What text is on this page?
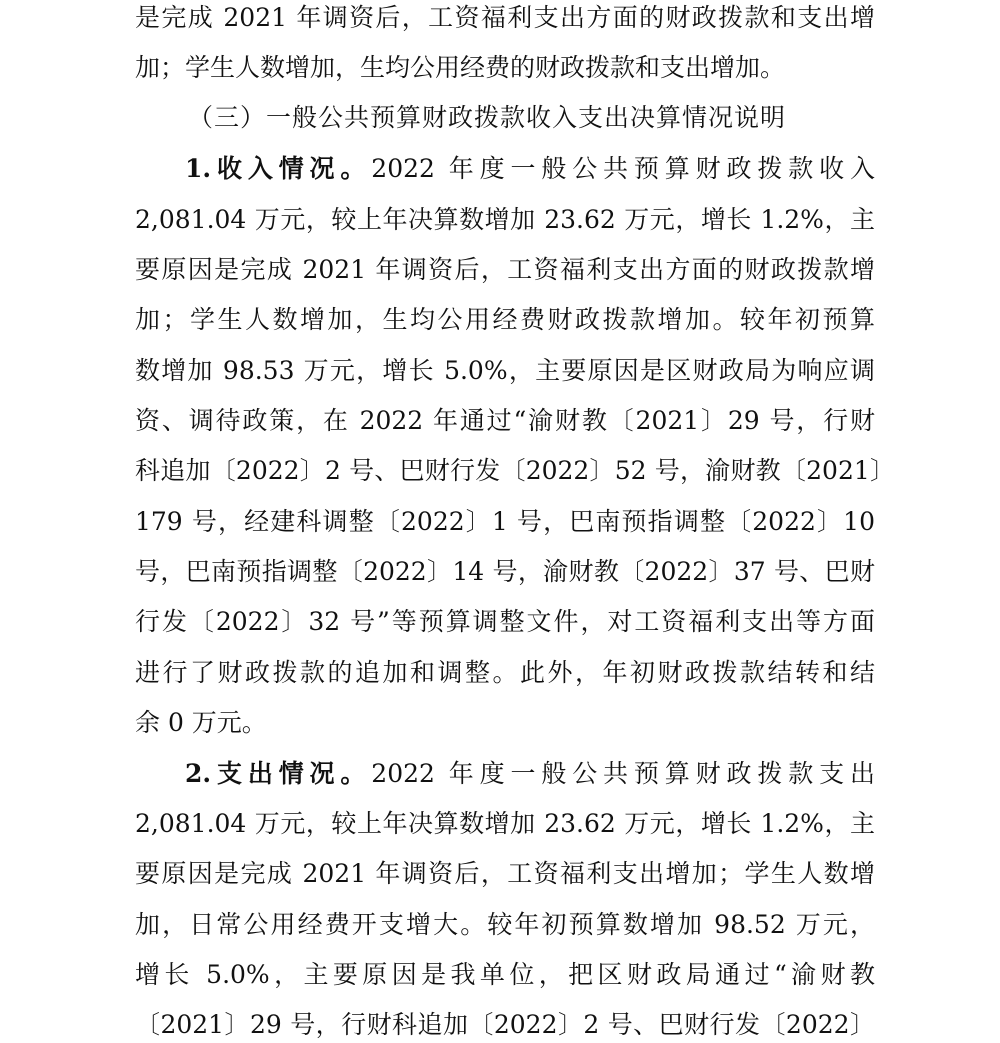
是完成 2021 年调资后，工资福利支出方面的财政拨款和支出增
加；学生人数增加，生均公用经费的财政拨款和支出增加。
（三）一般公共预算财政拨款收入支出决算情况说明
1.收入情况。2022 年度一般公共预算财政拨款收入
2,081.04 万元，较上年决算数增加 23.62 万元，增长 1.2%，主
要原因是完成 2021 年调资后，工资福利支出方面的财政拨款增
加；学生人数增加，生均公用经费财政拨款增加。较年初预算
数增加 98.53 万元，增长 5.0%，主要原因是区财政局为响应调
资、调待政策，在 2022 年通过“渝财教〔2021〕29 号，行财
科追加〔2022〕2 号、巴财行发〔2022〕52 号，渝财教〔2021〕
179 号，经建科调整〔2022〕1 号，巴南预指调整〔2022〕10
号，巴南预指调整〔2022〕14 号，渝财教〔2022〕37 号、巴财
行发〔2022〕32 号”等预算调整文件，对工资福利支出等方面
进行了财政拨款的追加和调整。此外，年初财政拨款结转和结
余 0 万元。
2.支出情况。2022 年度一般公共预算财政拨款支出
2,081.04 万元，较上年决算数增加 23.62 万元，增长 1.2%，主
要原因是完成 2021 年调资后，工资福利支出增加；学生人数增
加，日常公用经费开支增大。较年初预算数增加 98.52 万元，
增长 5.0%，主要原因是我单位，把区财政局通过“渝财教
〔2021〕29 号，行财科追加〔2022〕2 号、巴财行发〔2022〕
